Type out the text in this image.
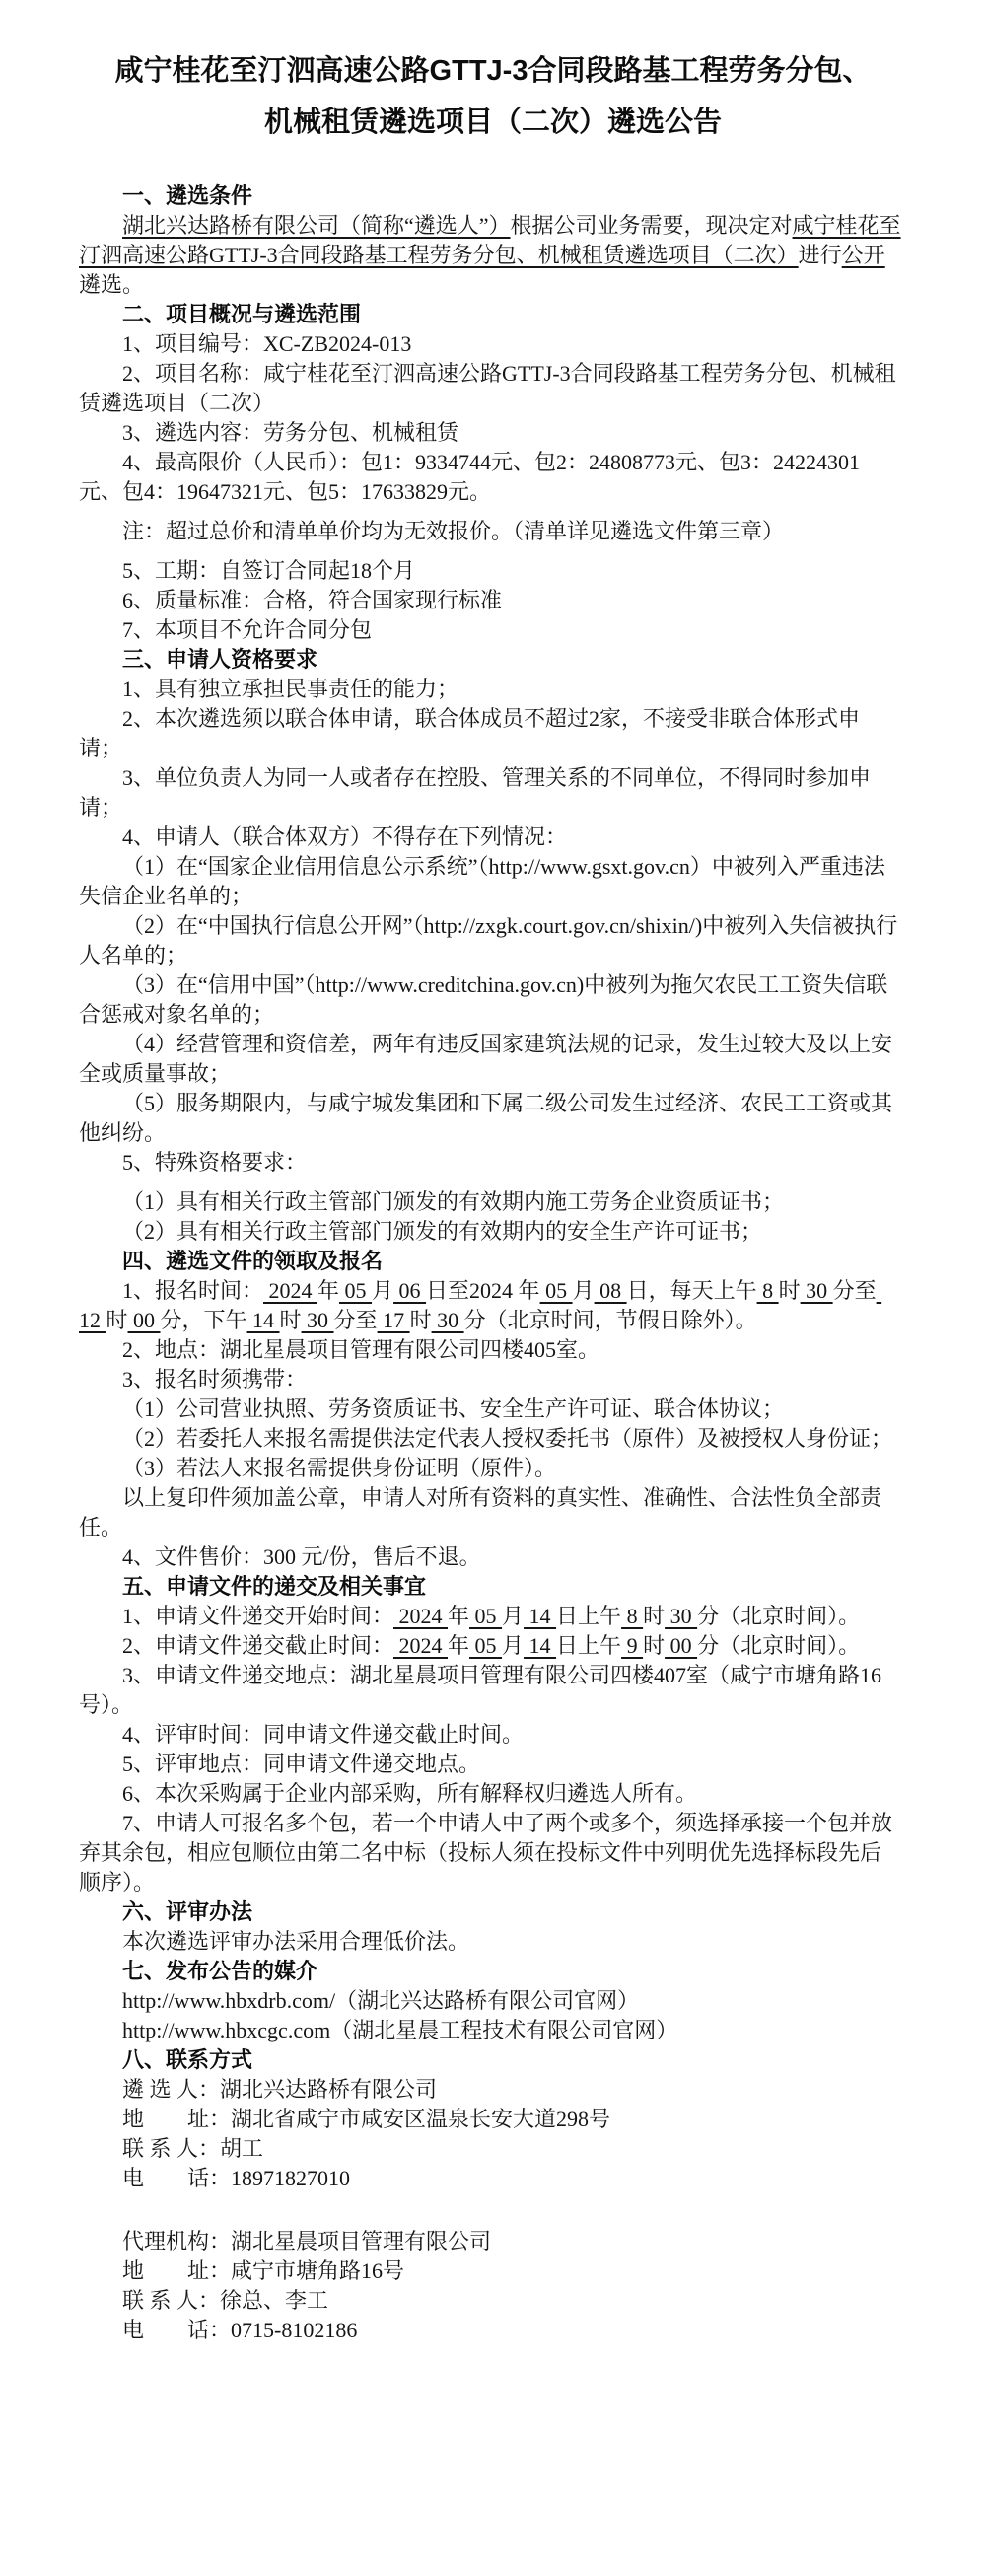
咸宁桂花至汀泗高速公路GTTJ-3合同段路基工程劳务分包、
机械租赁遴选项目（二次）遴选公告
一、遴选条件
湖北兴达路桥有限公司（简称“遴选人”）根据公司业务需要，现决定对咸宁桂花至汀泗高速公路GTTJ-3合同段路基工程劳务分包、机械租赁遴选项目（二次）进行公开遴选。
二、项目概况与遴选范围
1、项目编号：XC-ZB2024-013
2、项目名称：咸宁桂花至汀泗高速公路GTTJ-3合同段路基工程劳务分包、机械租赁遴选项目（二次）
3、遴选内容：劳务分包、机械租赁
4、最高限价（人民币）：包1：9334744元、包2：24808773元、包3：24224301元、包4：19647321元、包5：17633829元。
注：超过总价和清单单价均为无效报价。（清单详见遴选文件第三章）
5、工期：自签订合同起18个月
6、质量标准：合格，符合国家现行标准
7、本项目不允许合同分包
三、申请人资格要求
1、具有独立承担民事责任的能力；
2、本次遴选须以联合体申请，联合体成员不超过2家，不接受非联合体形式申请；
3、单位负责人为同一人或者存在控股、管理关系的不同单位，不得同时参加申请；
4、申请人（联合体双方）不得存在下列情况：
（1）在“国家企业信用信息公示系统”（http://www.gsxt.gov.cn）中被列入严重违法失信企业名单的；
（2）在“中国执行信息公开网”（http://zxgk.court.gov.cn/shixin/)中被列入失信被执行人名单的；
（3）在“信用中国”（http://www.creditchina.gov.cn)中被列为拖欠农民工工资失信联合惩戒对象名单的；
（4）经营管理和资信差，两年有违反国家建筑法规的记录，发生过较大及以上安全或质量事故；
（5）服务期限内，与咸宁城发集团和下属二级公司发生过经济、农民工工资或其他纠纷。
5、特殊资格要求：
（1）具有相关行政主管部门颁发的有效期内施工劳务企业资质证书；
（2）具有相关行政主管部门颁发的有效期内的安全生产许可证书；
四、遴选文件的领取及报名
1、报名时间： 2024 年 05 月 06 日至2024 年 05 月 08 日，每天上午 8 时 30 分至 12 时 00 分，下午 14 时 30 分至 17 时 30 分（北京时间，节假日除外）。
2、地点：湖北星晨项目管理有限公司四楼405室。
3、报名时须携带：
（1）公司营业执照、劳务资质证书、安全生产许可证、联合体协议；
（2）若委托人来报名需提供法定代表人授权委托书（原件）及被授权人身份证；
（3）若法人来报名需提供身份证明（原件）。
以上复印件须加盖公章，申请人对所有资料的真实性、准确性、合法性负全部责任。
4、文件售价：300 元/份，售后不退。
五、申请文件的递交及相关事宜
1、申请文件递交开始时间： 2024 年 05 月 14 日上午 8 时 30 分（北京时间）。
2、申请文件递交截止时间： 2024 年 05 月 14 日上午 9 时 00 分（北京时间）。
3、申请文件递交地点：湖北星晨项目管理有限公司四楼407室（咸宁市塘角路16号）。
4、评审时间：同申请文件递交截止时间。
5、评审地点：同申请文件递交地点。
6、本次采购属于企业内部采购，所有解释权归遴选人所有。
7、申请人可报名多个包，若一个申请人中了两个或多个，须选择承接一个包并放弃其余包，相应包顺位由第二名中标（投标人须在投标文件中列明优先选择标段先后顺序）。
六、评审办法
本次遴选评审办法采用合理低价法。
七、发布公告的媒介
http://www.hbxdrb.com/（湖北兴达路桥有限公司官网）
http://www.hbxcgc.com（湖北星晨工程技术有限公司官网）
八、联系方式
遴 选 人：湖北兴达路桥有限公司
地　　址：湖北省咸宁市咸安区温泉长安大道298号
联 系 人：胡工
电　　话：18971827010
代理机构：湖北星晨项目管理有限公司
地　　址：咸宁市塘角路16号
联 系 人：徐总、李工
电　　话：0715-8102186
